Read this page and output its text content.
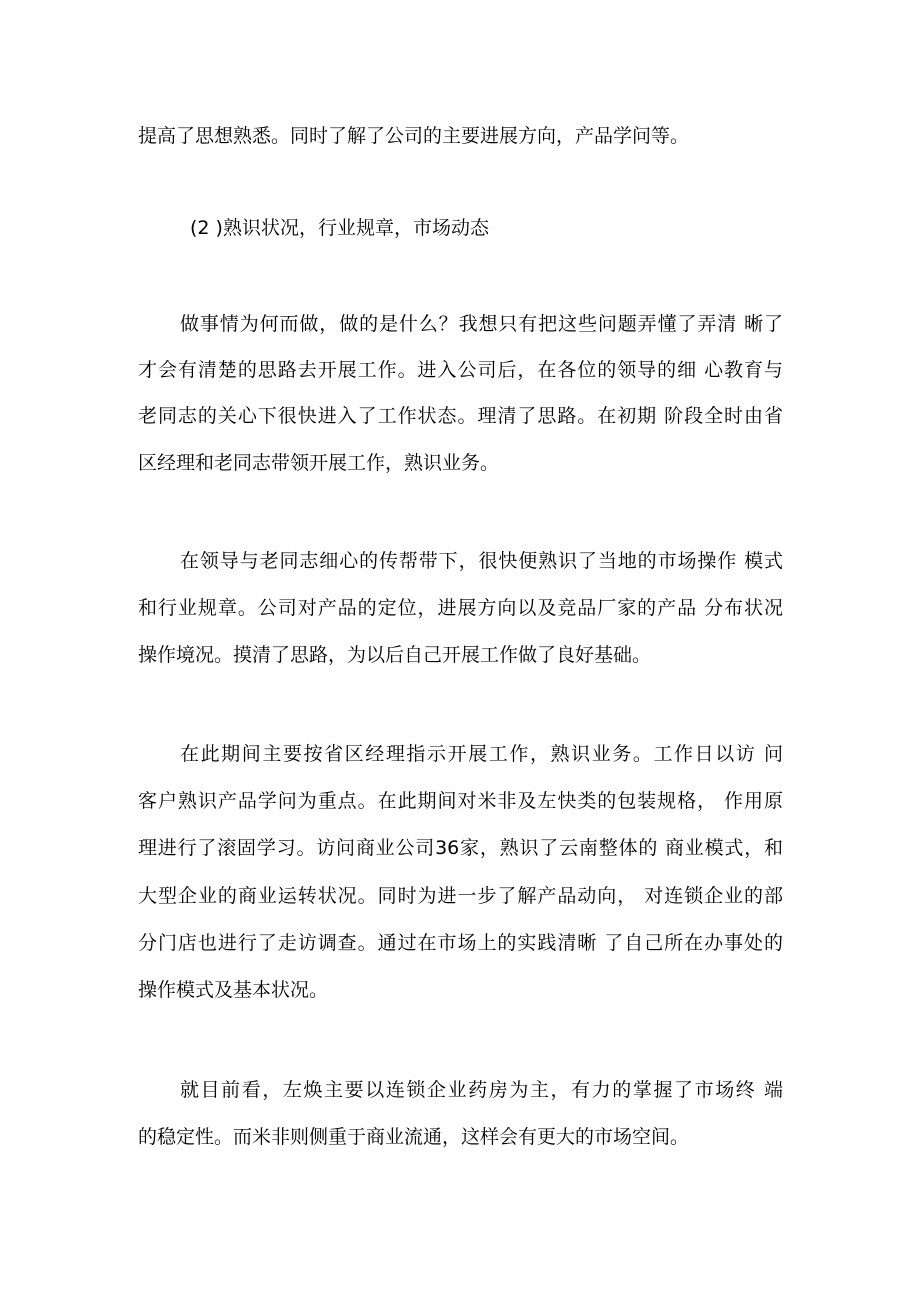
提高了思想熟悉。同时了解了公司的主要进展方向，产品学问等。
(2 )熟识状况，行业规章，市场动态
做事情为何而做，做的是什么？我想只有把这些问题弄懂了弄清 晰了
才会有清楚的思路去开展工作。进入公司后，在各位的领导的细 心教育与
老同志的关心下很快进入了工作状态。理清了思路。在初期 阶段全时由省
区经理和老同志带领开展工作，熟识业务。
在领导与老同志细心的传帮带下，很快便熟识了当地的市场操作 模式
和行业规章。公司对产品的定位，进展方向以及竞品厂家的产品 分布状况
操作境况。摸清了思路，为以后自己开展工作做了良好基础。
在此期间主要按省区经理指示开展工作，熟识业务。工作日以访 问
客户熟识产品学问为重点。在此期间对米非及左快类的包装规格， 作用原
理进行了滚固学习。访问商业公司36家，熟识了云南整体的 商业模式，和
大型企业的商业运转状况。同时为进一步了解产品动向， 对连锁企业的部
分门店也进行了走访调查。通过在市场上的实践清晰 了自己所在办事处的
操作模式及基本状况。
就目前看，左焕主要以连锁企业药房为主，有力的掌握了市场终 端
的稳定性。而米非则侧重于商业流通，这样会有更大的市场空间。
